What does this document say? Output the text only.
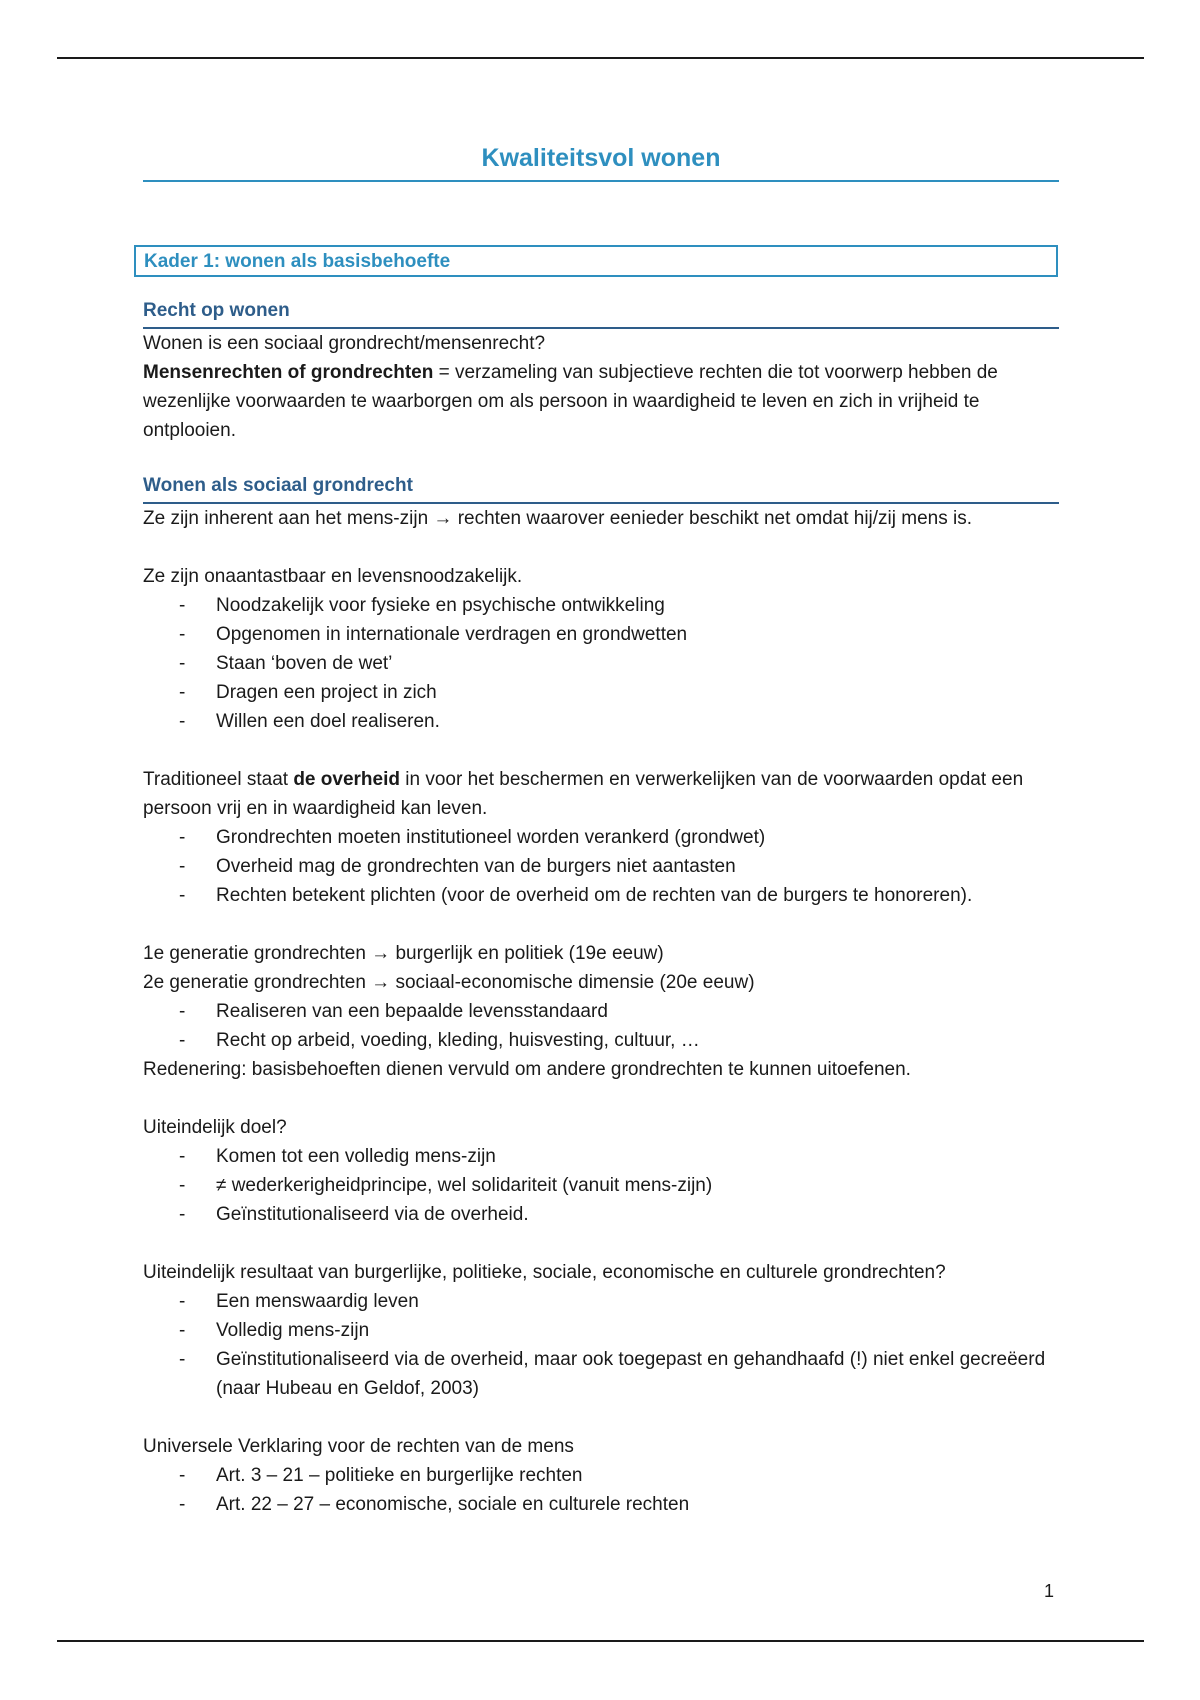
Kwaliteitsvol wonen
Kader 1: wonen als basisbehoefte
Recht op wonen

Wonen is een sociaal grondrecht/mensenrecht?

Mensenrechten of grondrechten = verzameling van subjectieve rechten die tot voorwerp hebben de wezenlijke voorwaarden te waarborgen om als persoon in waardigheid te leven en zich in vrijheid te ontplooien.

Wonen als sociaal grondrecht

Ze zijn inherent aan het mens-zijn → rechten waarover eenieder beschikt net omdat hij/zij mens is.

Ze zijn onaantastbaar en levensnoodzakelijk.

- Noodzakelijk voor fysieke en psychische ontwikkeling
- Opgenomen in internationale verdragen en grondwetten
- Staan ‘boven de wet’
- Dragen een project in zich
- Willen een doel realiseren.

Traditioneel staat de overheid in voor het beschermen en verwerkelijken van de voorwaarden opdat een persoon vrij en in waardigheid kan leven.

- Grondrechten moeten institutioneel worden verankerd (grondwet)
- Overheid mag de grondrechten van de burgers niet aantasten
- Rechten betekent plichten (voor de overheid om de rechten van de burgers te honoreren).

1e generatie grondrechten → burgerlijk en politiek (19e eeuw)

2e generatie grondrechten → sociaal-economische dimensie (20e eeuw)

- Realiseren van een bepaalde levensstandaard
- Recht op arbeid, voeding, kleding, huisvesting, cultuur, …

Redenering: basisbehoeften dienen vervuld om andere grondrechten te kunnen uitoefenen.

Uiteindelijk doel?

- Komen tot een volledig mens-zijn
- ≠ wederkerigheidprincipe, wel solidariteit (vanuit mens-zijn)
- Geïnstitutionaliseerd via de overheid.

Uiteindelijk resultaat van burgerlijke, politieke, sociale, economische en culturele grondrechten?

- Een menswaardig leven
- Volledig mens-zijn
- Geïnstitutionaliseerd via de overheid, maar ook toegepast en gehandhaafd (!) niet enkel gecreëerd (naar Hubeau en Geldof, 2003)

Universele Verklaring voor de rechten van de mens

- Art. 3 – 21 – politieke en burgerlijke rechten
- Art. 22 – 27 – economische, sociale en culturele rechten
1
